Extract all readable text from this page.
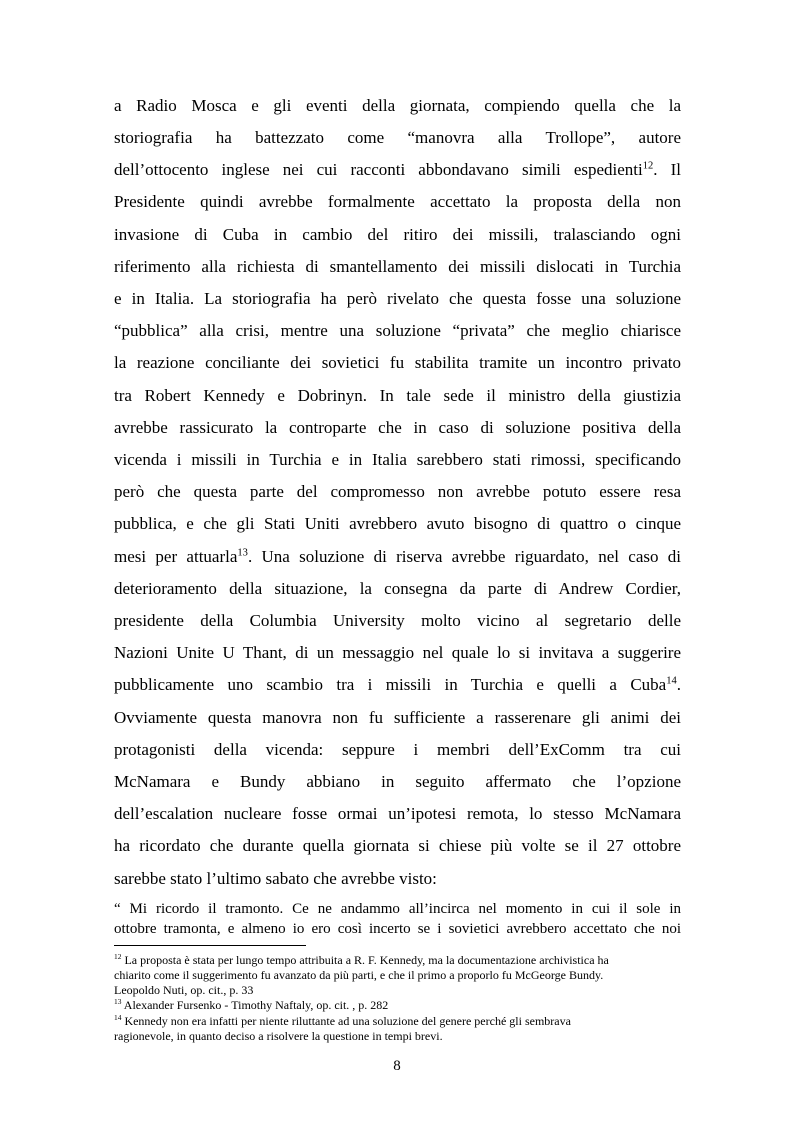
a Radio Mosca e gli eventi della giornata, compiendo quella che la
storiografia ha battezzato come “manovra alla Trollope”, autore
dell’ottocento inglese nei cui racconti abbondavano simili espedienti$^{12}$. Il
Presidente quindi avrebbe formalmente accettato la proposta della non
invasione di Cuba in cambio del ritiro dei missili, tralasciando ogni
riferimento alla richiesta di smantellamento dei missili dislocati in Turchia
e in Italia. La storiografia ha però rivelato che questa fosse una soluzione
“pubblica” alla crisi, mentre una soluzione “privata” che meglio chiarisce
la reazione conciliante dei sovietici fu stabilita tramite un incontro privato
tra Robert Kennedy e Dobrinyn. In tale sede il ministro della giustizia
avrebbe rassicurato la controparte che in caso di soluzione positiva della
vicenda i missili in Turchia e in Italia sarebbero stati rimossi, specificando
però che questa parte del compromesso non avrebbe potuto essere resa
pubblica, e che gli Stati Uniti avrebbero avuto bisogno di quattro o cinque
mesi per attuarla$^{13}$. Una soluzione di riserva avrebbe riguardato, nel caso di
deterioramento della situazione, la consegna da parte di Andrew Cordier,
presidente della Columbia University molto vicino al segretario delle
Nazioni Unite U Thant, di un messaggio nel quale lo si invitava a suggerire
pubblicamente uno scambio tra i missili in Turchia e quelli a Cuba$^{14}$.
Ovviamente questa manovra non fu sufficiente a rasserenare gli animi dei
protagonisti della vicenda: seppure i membri dell’ExComm tra cui
McNamara e Bundy abbiano in seguito affermato che l’opzione
dell’escalation nucleare fosse ormai un’ipotesi remota, lo stesso McNamara
ha ricordato che durante quella giornata si chiese più volte se il 27 ottobre
sarebbe stato l’ultimo sabato che avrebbe visto:
“ Mi ricordo il tramonto. Ce ne andammo all’incirca nel momento in cui il sole in
ottobre tramonta, e almeno io ero così incerto se i sovietici avrebbero accettato che noi
$^{12}$ La proposta è stata per lungo tempo attribuita a R. F. Kennedy, ma la documentazione archivistica ha
chiarito come il suggerimento fu avanzato da più parti, e che il primo a proporlo fu McGeorge Bundy.
Leopoldo Nuti, op. cit., p. 33
$^{13}$ Alexander Fursenko - Timothy Naftaly, op. cit. , p. 282
$^{14}$ Kennedy non era infatti per niente riluttante ad una soluzione del genere perché gli sembrava
ragionevole, in quanto deciso a risolvere la questione in tempi brevi.
8
